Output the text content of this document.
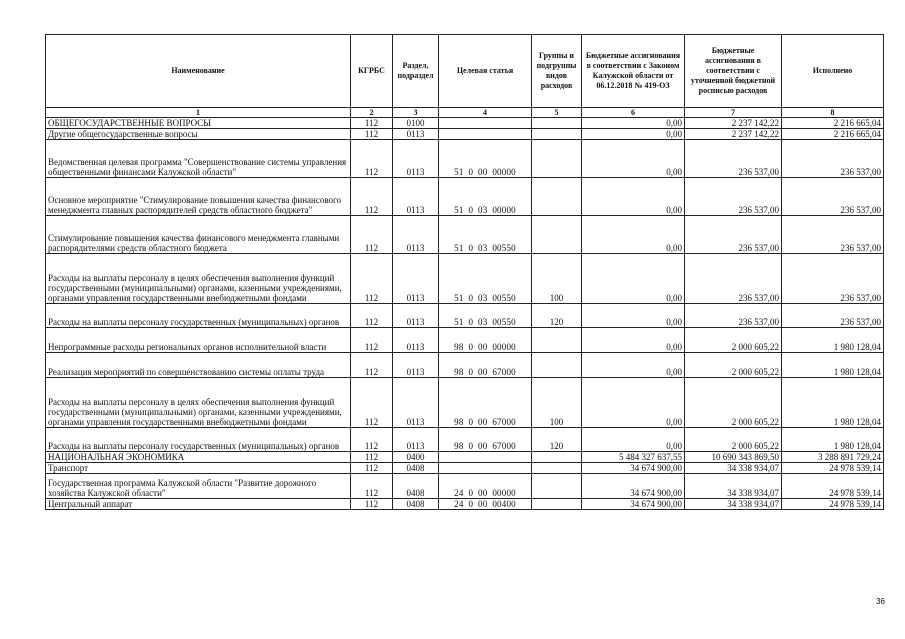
Наименование	КГРБС	Раздел, подраздел	Целевая статья	Группы и подгруппы видов расходов	Бюджетные ассигнования в соответствии с Законом Калужской области от 06.12.2018 № 419-ОЗ	Бюджетные ассигнования в соответствии с уточненной бюджетной росписью расходов	Исполнено
1	2	3	4	5	6	7	8
ОБЩЕГОСУДАРСТВЕННЫЕ ВОПРОСЫ	112	0100			0,00	2 237 142,22	2 216 665,04
Другие общегосударственные вопросы	112	0113			0,00	2 237 142,22	2 216 665,04
Ведомственная целевая программа "Совершенствование системы управления общественными финансами Калужской области"	112	0113	51  0  00  00000		0,00	236 537,00	236 537,00
Основное мероприятие "Стимулирование повышения качества финансового менеджмента главных распорядителей средств областного бюджета"	112	0113	51  0  03  00000		0,00	236 537,00	236 537,00
Стимулирование повышения качества финансового менеджмента главными распорядителями средств областного бюджета	112	0113	51  0  03  00550		0,00	236 537,00	236 537,00
Расходы на выплаты персоналу в целях обеспечения выполнения функций государственными (муниципальными) органами, казенными учреждениями, органами управления государственными внебюджетными фондами	112	0113	51  0  03  00550	100	0,00	236 537,00	236 537,00
Расходы на выплаты персоналу государственных (муниципальных) органов	112	0113	51  0  03  00550	120	0,00	236 537,00	236 537,00
Непрограммные расходы региональных органов исполнительной власти	112	0113	98  0  00  00000		0,00	2 000 605,22	1 980 128,04
Реализация мероприятий по совершенствованию системы оплаты труда	112	0113	98  0  00  67000		0,00	2 000 605,22	1 980 128,04
Расходы на выплаты персоналу в целях обеспечения выполнения функций государственными (муниципальными) органами, казенными учреждениями, органами управления государственными внебюджетными фондами	112	0113	98  0  00  67000	100	0,00	2 000 605,22	1 980 128,04
Расходы на выплаты персоналу государственных (муниципальных) органов	112	0113	98  0  00  67000	120	0,00	2 000 605,22	1 980 128,04
НАЦИОНАЛЬНАЯ ЭКОНОМИКА	112	0400			5 484 327 637,55	10 690 343 869,50	3 288 891 729,24
Транспорт	112	0408			34 674 900,00	34 338 934,07	24 978 539,14
Государственная программа Калужской области "Развитие дорожного хозяйства Калужской области"	112	0408	24  0  00  00000		34 674 900,00	34 338 934,07	24 978 539,14
Центральный аппарат	112	0408	24  0  00  00400		34 674 900,00	34 338 934,07	24 978 539,14
36
